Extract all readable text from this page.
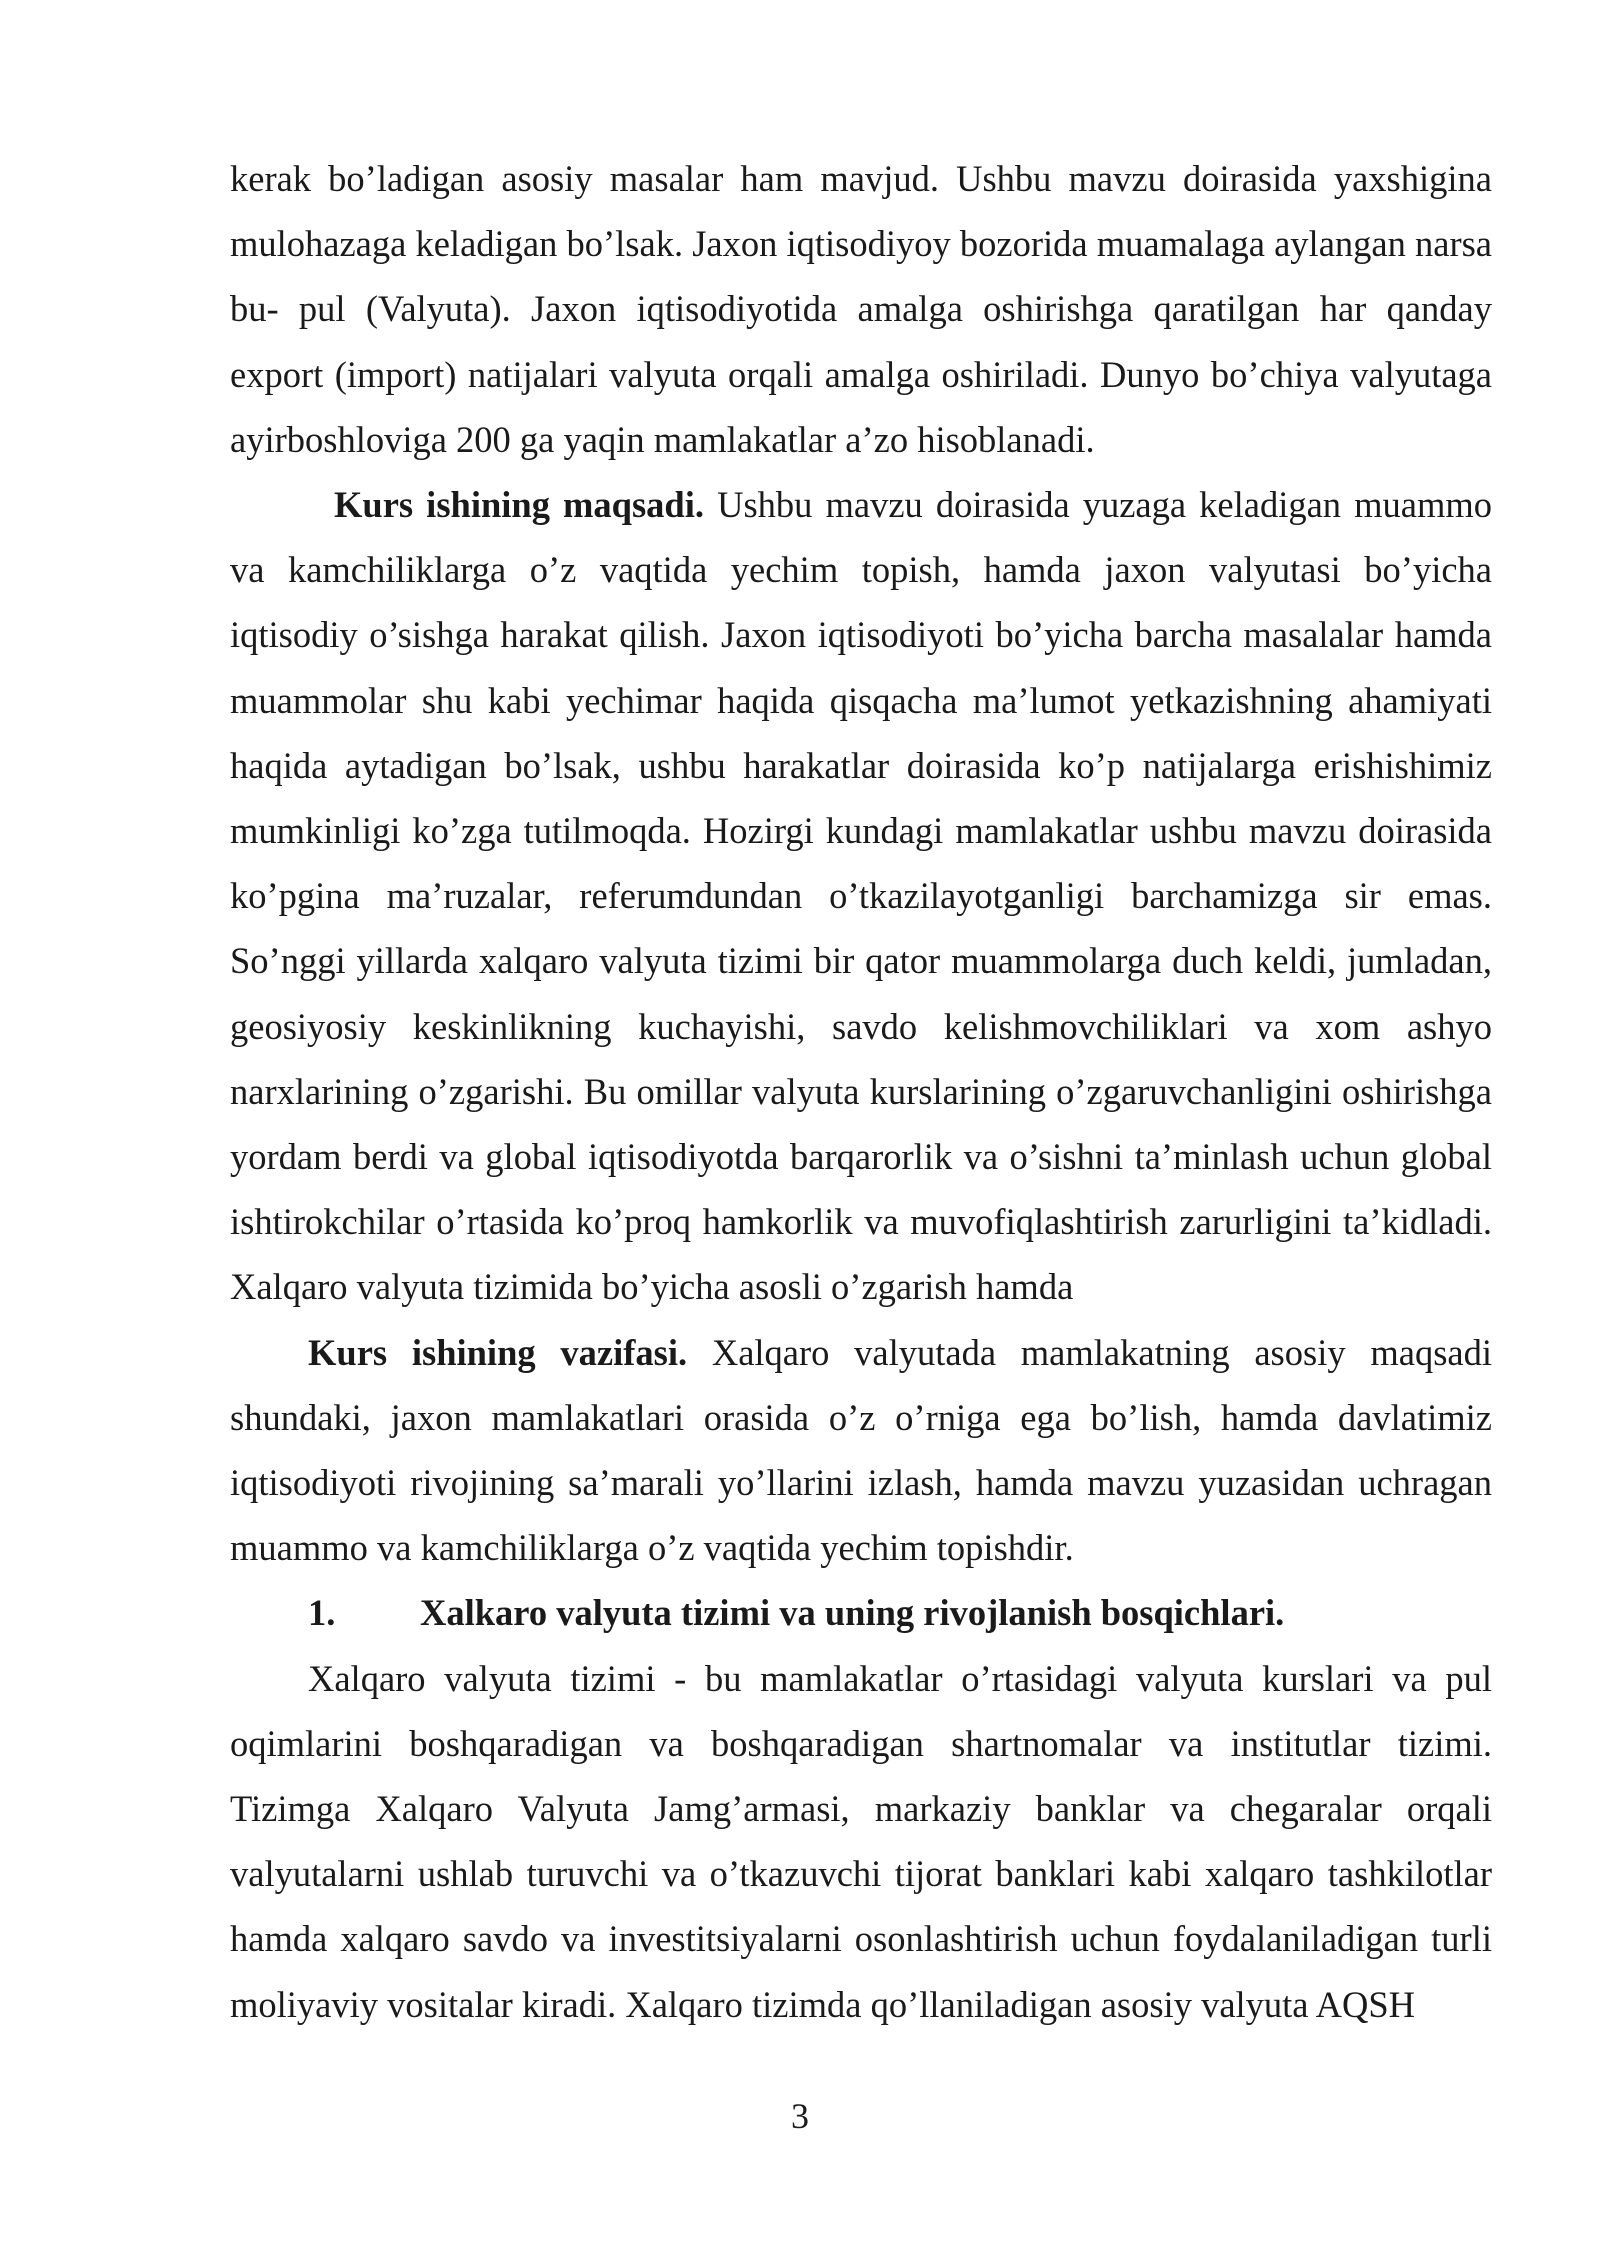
kerak bo’ladigan asosiy masalar ham mavjud. Ushbu mavzu doirasida yaxshigina mulohazaga keladigan bo’lsak. Jaxon iqtisodiyoy bozorida muamalaga aylangan narsa bu- pul (Valyuta). Jaxon iqtisodiyotida amalga oshirishga qaratilgan har qanday export (import) natijalari valyuta orqali amalga oshiriladi. Dunyo bo’chiya valyutaga ayirboshloviga 200 ga yaqin mamlakatlar a’zo hisoblanadi.

Kurs ishining maqsadi. Ushbu mavzu doirasida yuzaga keladigan muammo va kamchiliklarga o’z vaqtida yechim topish, hamda jaxon valyutasi bo’yicha iqtisodiy o’sishga harakat qilish. Jaxon iqtisodiyoti bo’yicha barcha masalalar hamda muammolar shu kabi yechimar haqida qisqacha ma’lumot yetkazishning ahamiyati haqida aytadigan bo’lsak, ushbu harakatlar doirasida ko’p natijalarga erishishimiz mumkinligi ko’zga tutilmoqda. Hozirgi kundagi mamlakatlar ushbu mavzu doirasida ko’pgina ma’ruzalar, referumdundan o’tkazilayotganligi barchamizga sir emas. So’nggi yillarda xalqaro valyuta tizimi bir qator muammolarga duch keldi, jumladan, geosiyosiy keskinlikning kuchayishi, savdo kelishmovchiliklari va xom ashyo narxlarining o’zgarishi. Bu omillar valyuta kurslarining o’zgaruvchanligini oshirishga yordam berdi va global iqtisodiyotda barqarorlik va o’sishni ta’minlash uchun global ishtirokchilar o’rtasida ko’proq hamkorlik va muvofiqlashtirish zarurligini ta’kidladi. Xalqaro valyuta tizimida bo’yicha asosli o’zgarish hamda

Kurs ishining vazifasi. Xalqaro valyutada mamlakatning asosiy maqsadi shundaki, jaxon mamlakatlari orasida o’z o’rniga ega bo’lish, hamda davlatimiz iqtisodiyoti rivojining sa’marali yo’llarini izlash, hamda mavzu yuzasidan uchragan muammo va kamchiliklarga o’z vaqtida yechim topishdir.

1.	Xalkaro valyuta tizimi va uning rivojlanish bosqichlari.

Xalqaro valyuta tizimi - bu mamlakatlar o’rtasidagi valyuta kurslari va pul oqimlarini boshqaradigan va boshqaradigan shartnomalar va institutlar tizimi. Tizimga Xalqaro Valyuta Jamg’armasi, markaziy banklar va chegaralar orqali valyutalarni ushlab turuvchi va o’tkazuvchi tijorat banklari kabi xalqaro tashkilotlar hamda xalqaro savdo va investitsiyalarni osonlashtirish uchun foydalaniladigan turli moliyaviy vositalar kiradi. Xalqaro tizimda qo’llaniladigan asosiy valyuta AQSH

3
